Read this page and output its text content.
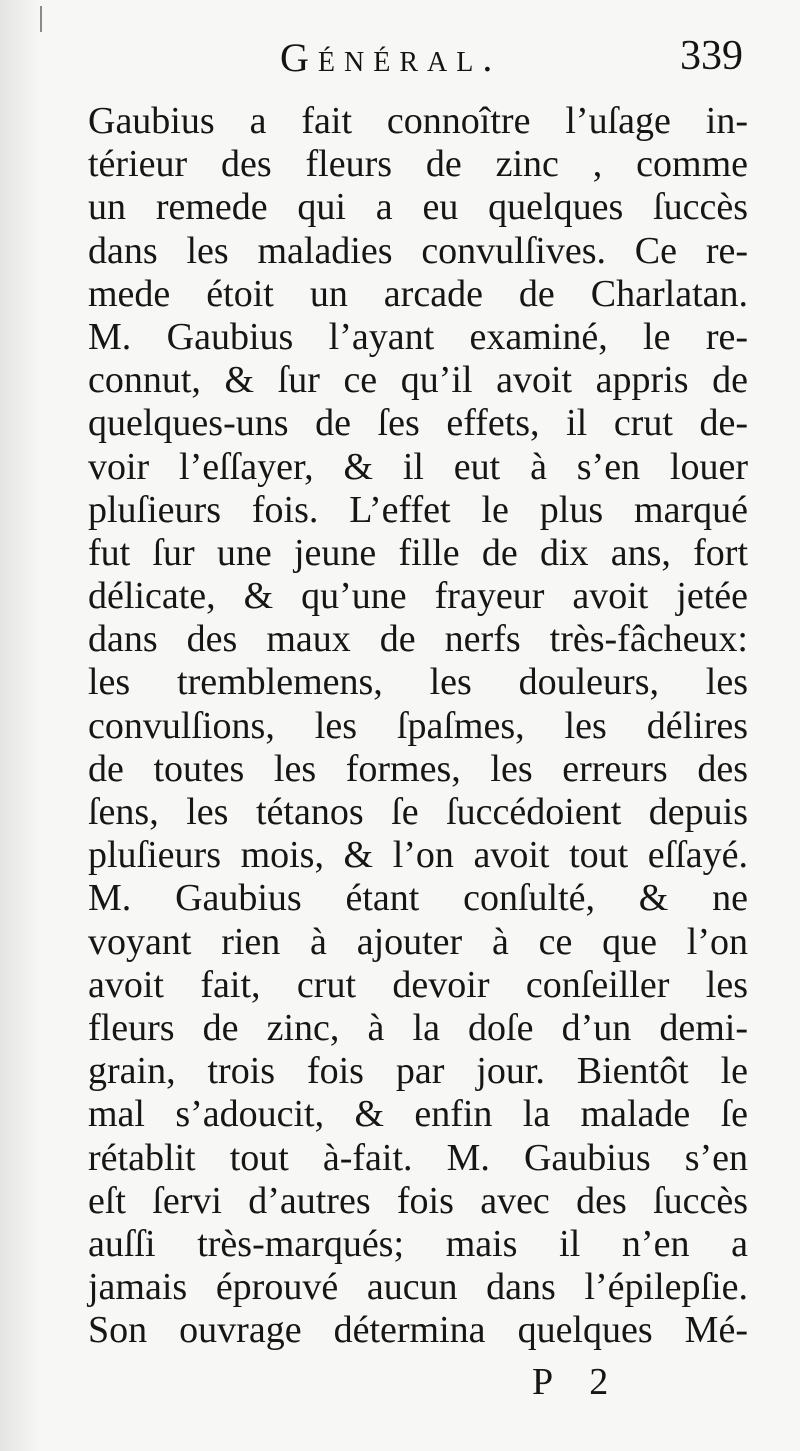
Général.	339
Gaubius a fait connoître l’uſage in-
térieur des fleurs de zinc , comme
un remede qui a eu quelques ſuccès
dans les maladies convulſives. Ce re-
mede étoit un arcade de Charlatan.
M. Gaubius l’ayant examiné, le re-
connut, & ſur ce qu’il avoit appris de
quelques-uns de ſes effets, il crut de-
voir l’eſſayer, & il eut à s’en louer
pluſieurs fois. L’effet le plus marqué
fut ſur une jeune fille de dix ans, fort
délicate, & qu’une frayeur avoit jetée
dans des maux de nerfs très-fâcheux:
les tremblemens, les douleurs, les
convulſions, les ſpaſmes, les délires
de toutes les formes, les erreurs des
ſens, les tétanos ſe ſuccédoient depuis
pluſieurs mois, & l’on avoit tout eſſayé.
M. Gaubius étant conſulté, & ne
voyant rien à ajouter à ce que l’on
avoit fait, crut devoir conſeiller les
fleurs de zinc, à la doſe d’un demi-
grain, trois fois par jour. Bientôt le
mal s’adoucit, & enfin la malade ſe
rétablit tout à-fait. M. Gaubius s’en
eſt ſervi d’autres fois avec des ſuccès
auſſi très-marqués; mais il n’en a
jamais éprouvé aucun dans l’épilepſie.
Son ouvrage détermina quelques Mé-
P 2
